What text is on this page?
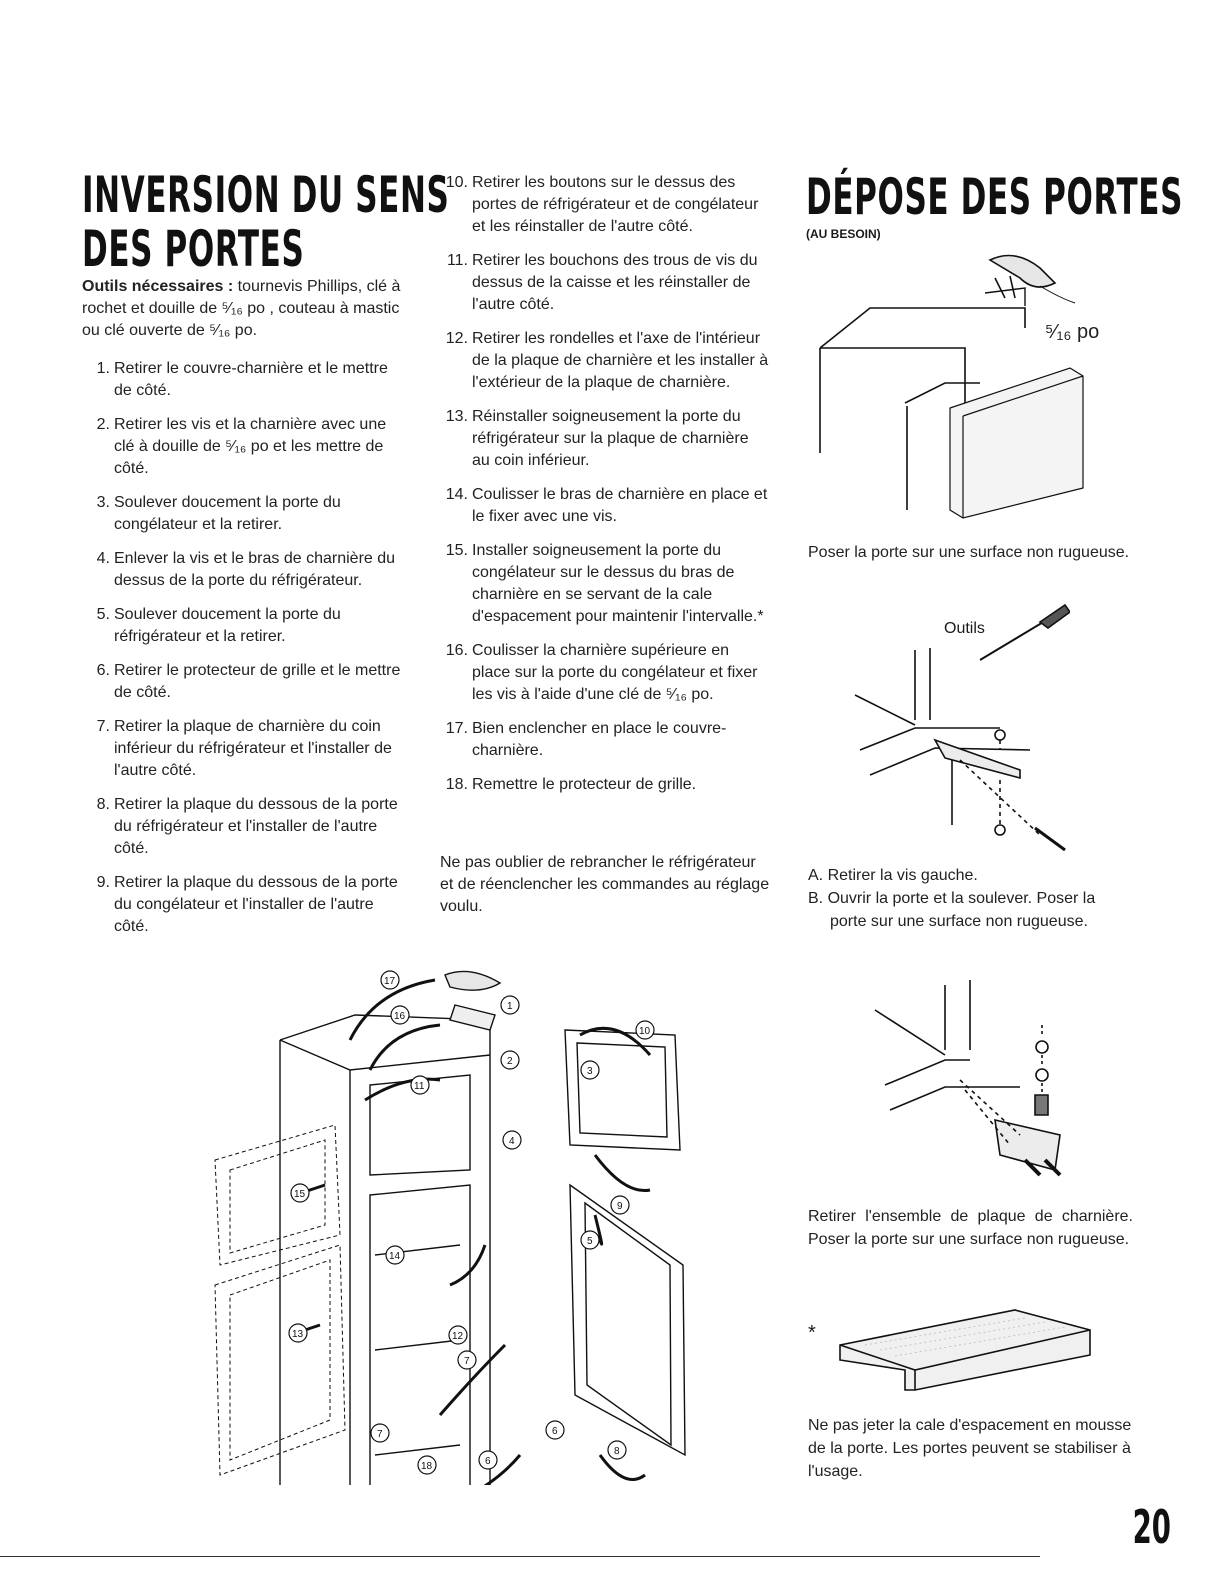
INVERSION DU SENS
DES PORTES
Outils nécessaires : tournevis Phillips, clé à rochet et douille de ⁵⁄₁₆ po , couteau à mastic ou clé ouverte de ⁵⁄₁₆ po.
1. Retirer le couvre-charnière et le mettre de côté.
2. Retirer les vis et la charnière avec une clé à douille de ⁵⁄₁₆ po et les mettre de côté.
3. Soulever doucement la porte du congélateur et la retirer.
4. Enlever la vis et le bras de charnière du dessus de la porte du réfrigérateur.
5. Soulever doucement la porte du réfrigérateur et la retirer.
6. Retirer le protecteur de grille et le mettre de côté.
7. Retirer la plaque de charnière du coin inférieur du réfrigérateur et l'installer de l'autre côté.
8. Retirer la plaque du dessous de la porte du réfrigérateur et l'installer de l'autre côté.
9. Retirer la plaque du dessous de la porte du congélateur et l'installer de l'autre côté.
10. Retirer les boutons sur le dessus des portes de réfrigérateur et de congélateur et les réinstaller de l'autre côté.
11. Retirer les bouchons des trous de vis du dessus de la caisse et les réinstaller de l'autre côté.
12. Retirer les rondelles et l'axe de l'intérieur de la plaque de charnière et les installer à l'extérieur de la plaque de charnière.
13. Réinstaller soigneusement la porte du réfrigérateur sur la plaque de charnière au coin inférieur.
14. Coulisser le bras de charnière en place et le fixer avec une vis.
15. Installer soigneusement la porte du congélateur sur le dessus du bras de charnière en se servant de la cale d'espacement pour maintenir l'intervalle.*
16. Coulisser la charnière supérieure en place sur la porte du congélateur et fixer les vis à l'aide d'une clé de ⁵⁄₁₆ po.
17. Bien enclencher en place le couvre-charnière.
18. Remettre le protecteur de grille.
Ne pas oublier de rebrancher le réfrigérateur et de réenclencher les commandes au réglage voulu.
DÉPOSE DES PORTES
(AU BESOIN)
⁵⁄₁₆ po
Poser la porte sur une surface non rugueuse.
Outils
A. Retirer la vis gauche.
B. Ouvrir la porte et la soulever. Poser la porte sur une surface non rugueuse.
Retirer l'ensemble de plaque de charnière. Poser la porte sur une surface non rugueuse.
*
Ne pas jeter la cale d'espacement en mousse de la porte. Les portes peuvent se stabiliser à l'usage.
20
17
16
1
2
11
10
3
4
15
14
9
5
13	12
7
7	6
18	6
8
